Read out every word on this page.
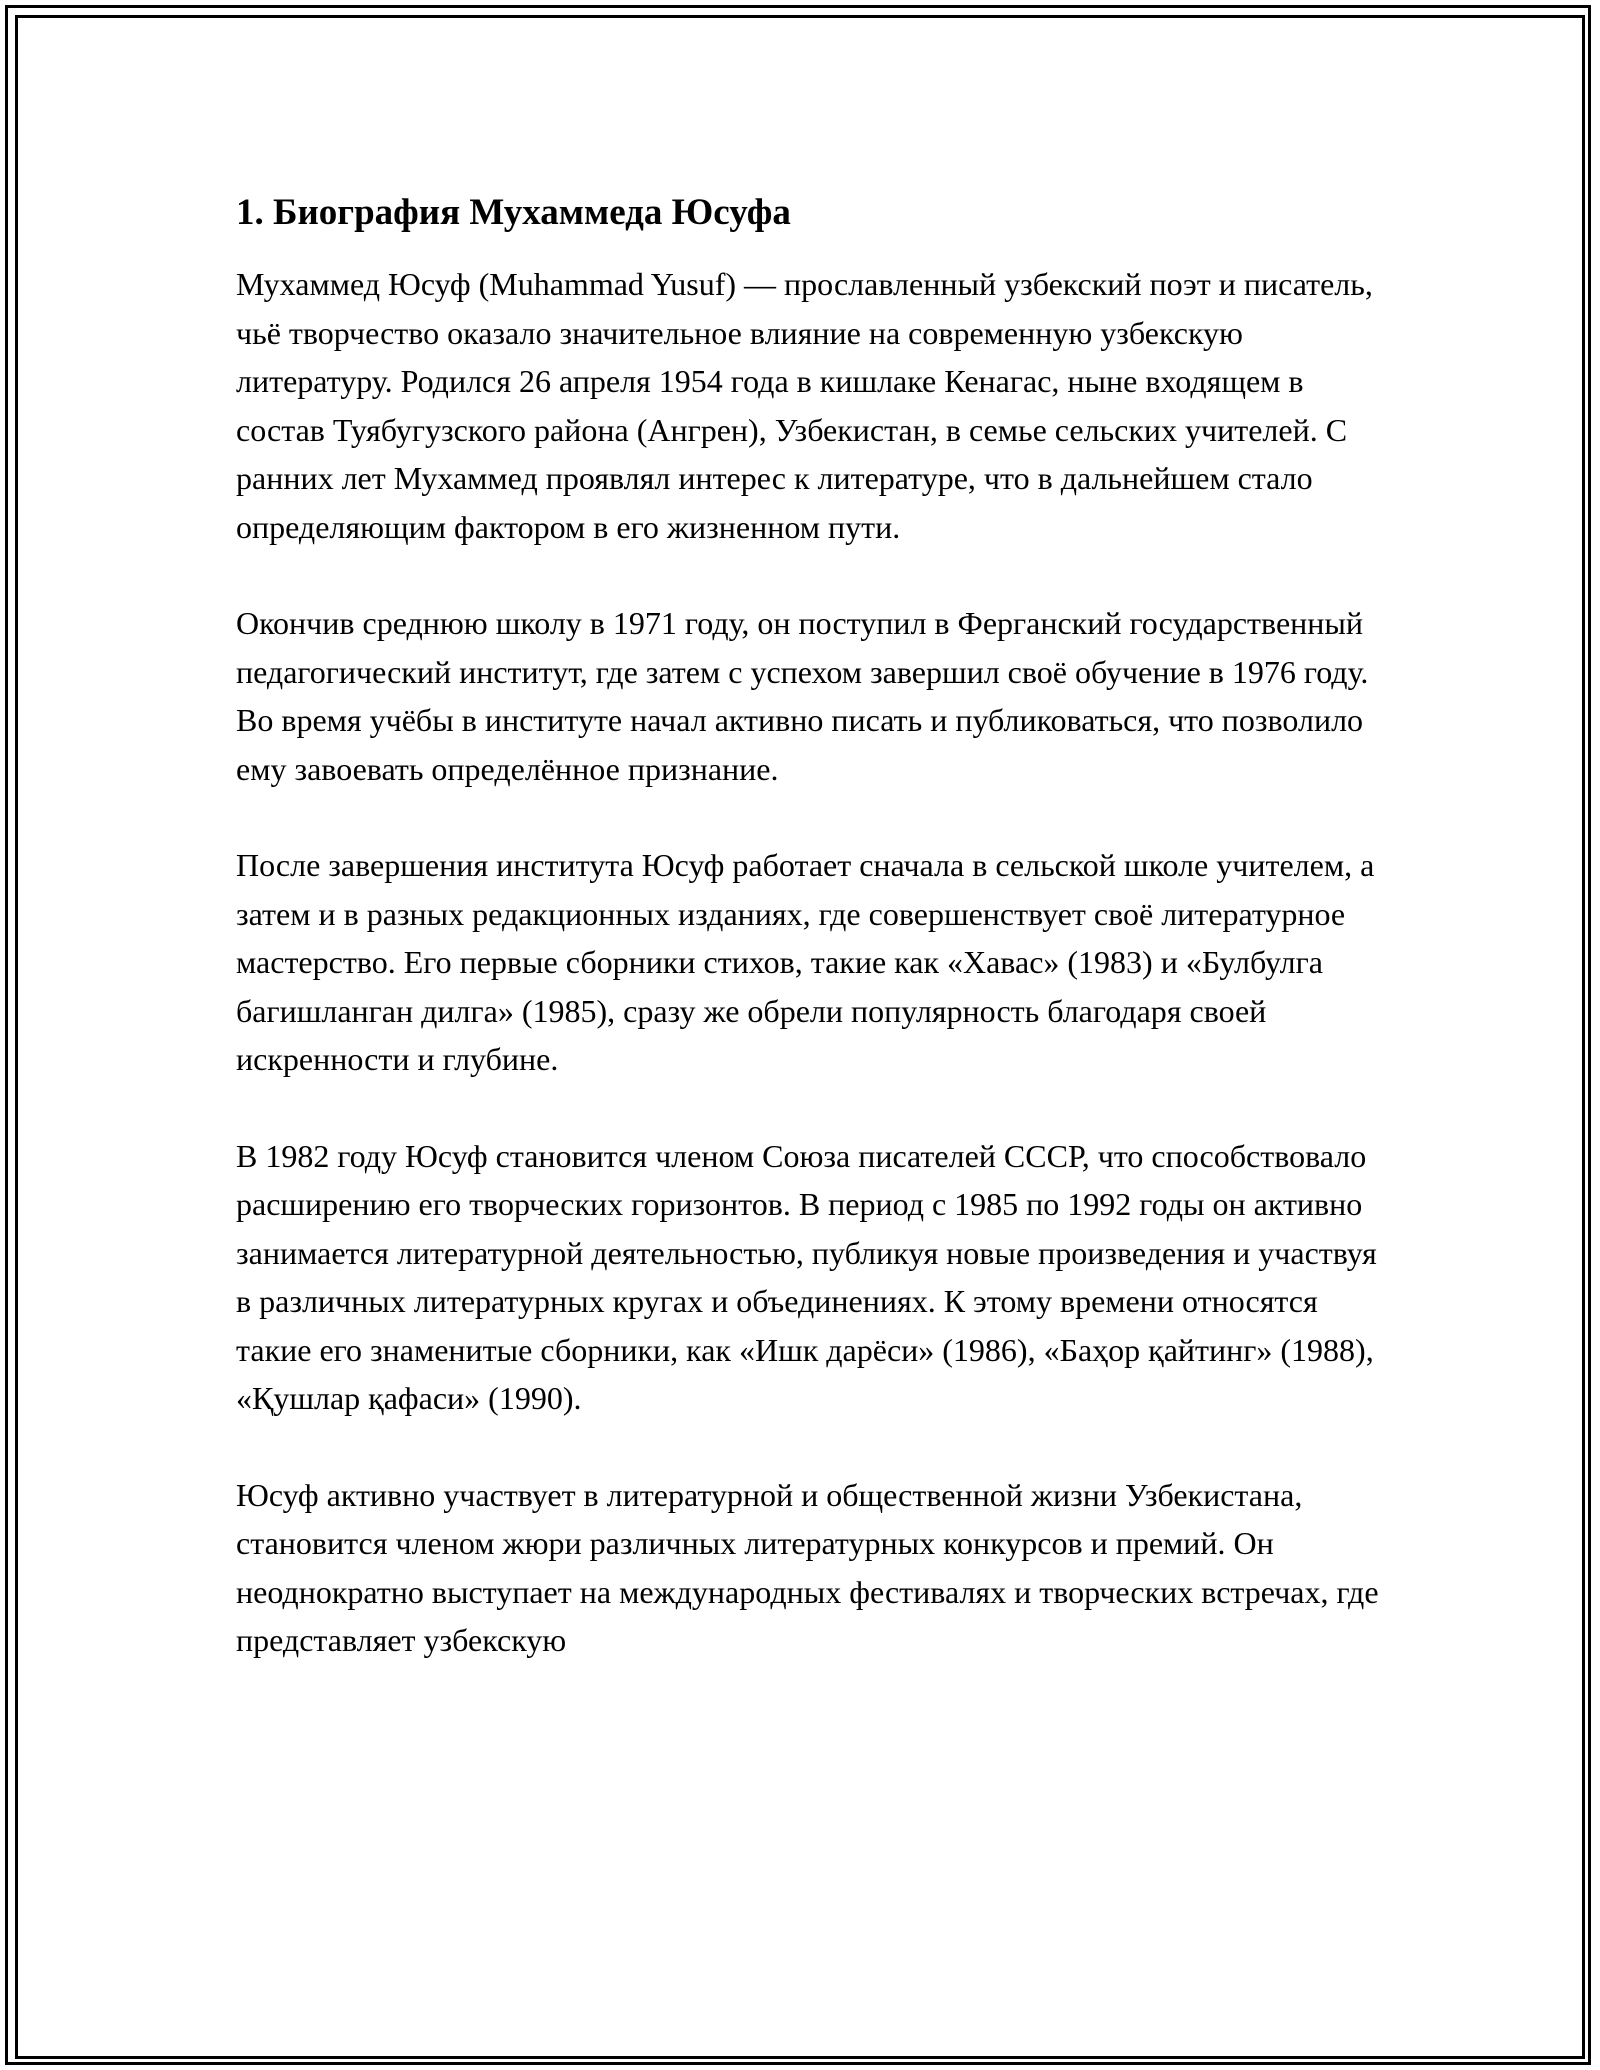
1. Биография Мухаммеда Юсуфа

Мухаммед Юсуф (Muhammad Yusuf) — прославленный узбекский поэт и писатель, чьё творчество оказало значительное влияние на современную узбекскую литературу. Родился 26 апреля 1954 года в кишлаке Кенагас, ныне входящем в состав Туябугузского района (Ангрен), Узбекистан, в семье сельских учителей. С ранних лет Мухаммед проявлял интерес к литературе, что в дальнейшем стало определяющим фактором в его жизненном пути.

Окончив среднюю школу в 1971 году, он поступил в Ферганский государственный педагогический институт, где затем с успехом завершил своё обучение в 1976 году. Во время учёбы в институте начал активно писать и публиковаться, что позволило ему завоевать определённое признание.

После завершения института Юсуф работает сначала в сельской школе учителем, а затем и в разных редакционных изданиях, где совершенствует своё литературное мастерство. Его первые сборники стихов, такие как «Хавас» (1983) и «Булбулга багишланган дилга» (1985), сразу же обрели популярность благодаря своей искренности и глубине.

В 1982 году Юсуф становится членом Союза писателей СССР, что способствовало расширению его творческих горизонтов. В период с 1985 по 1992 годы он активно занимается литературной деятельностью, публикуя новые произведения и участвуя в различных литературных кругах и объединениях. К этому времени относятся такие его знаменитые сборники, как «Ишк дарёси» (1986), «Баҳор қайтинг» (1988), «Қушлар қафаси» (1990).

Юсуф активно участвует в литературной и общественной жизни Узбекистана, становится членом жюри различных литературных конкурсов и премий. Он неоднократно выступает на международных фестивалях и творческих встречах, где представляет узбекскую
